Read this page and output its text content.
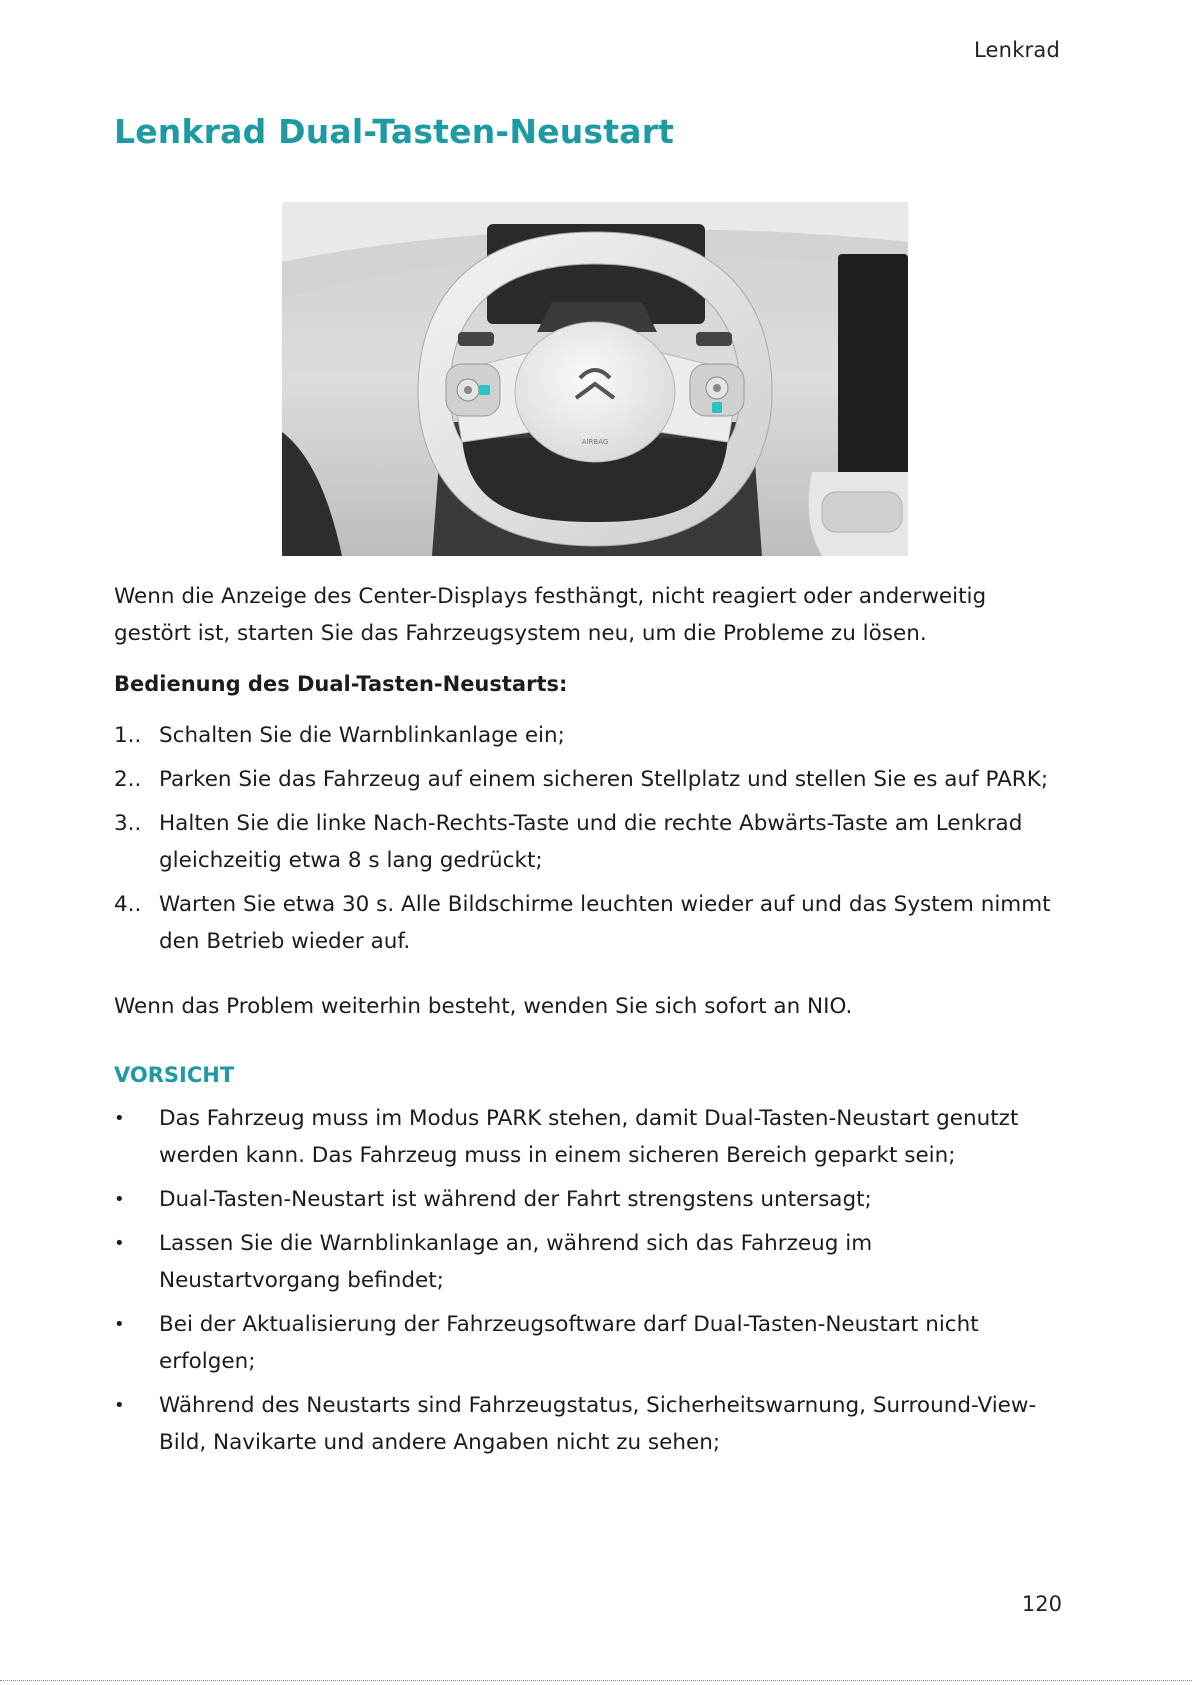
Lenkrad
Lenkrad Dual-Tasten-Neustart
AIRBAG

Wenn die Anzeige des Center-Displays festhängt, nicht reagiert oder anderweitig gestört ist, starten Sie das Fahrzeugsystem neu, um die Probleme zu lösen.

Bedienung des Dual-Tasten-Neustarts:

1.. Schalten Sie die Warnblinkanlage ein;
2.. Parken Sie das Fahrzeug auf einem sicheren Stellplatz und stellen Sie es auf PARK;
3.. Halten Sie die linke Nach-Rechts-Taste und die rechte Abwärts-Taste am Lenkrad gleichzeitig etwa 8 s lang gedrückt;
4.. Warten Sie etwa 30 s. Alle Bildschirme leuchten wieder auf und das System nimmt den Betrieb wieder auf.

Wenn das Problem weiterhin besteht, wenden Sie sich sofort an NIO.

VORSICHT

•	Das Fahrzeug muss im Modus PARK stehen, damit Dual-Tasten-Neustart genutzt werden kann. Das Fahrzeug muss in einem sicheren Bereich geparkt sein;
•	Dual-Tasten-Neustart ist während der Fahrt strengstens untersagt;
•	Lassen Sie die Warnblinkanlage an, während sich das Fahrzeug im Neustartvorgang befindet;
•	Bei der Aktualisierung der Fahrzeugsoftware darf Dual-Tasten-Neustart nicht erfolgen;
•	Während des Neustarts sind Fahrzeugstatus, Sicherheitswarnung, Surround-View-Bild, Navikarte und andere Angaben nicht zu sehen;
120
